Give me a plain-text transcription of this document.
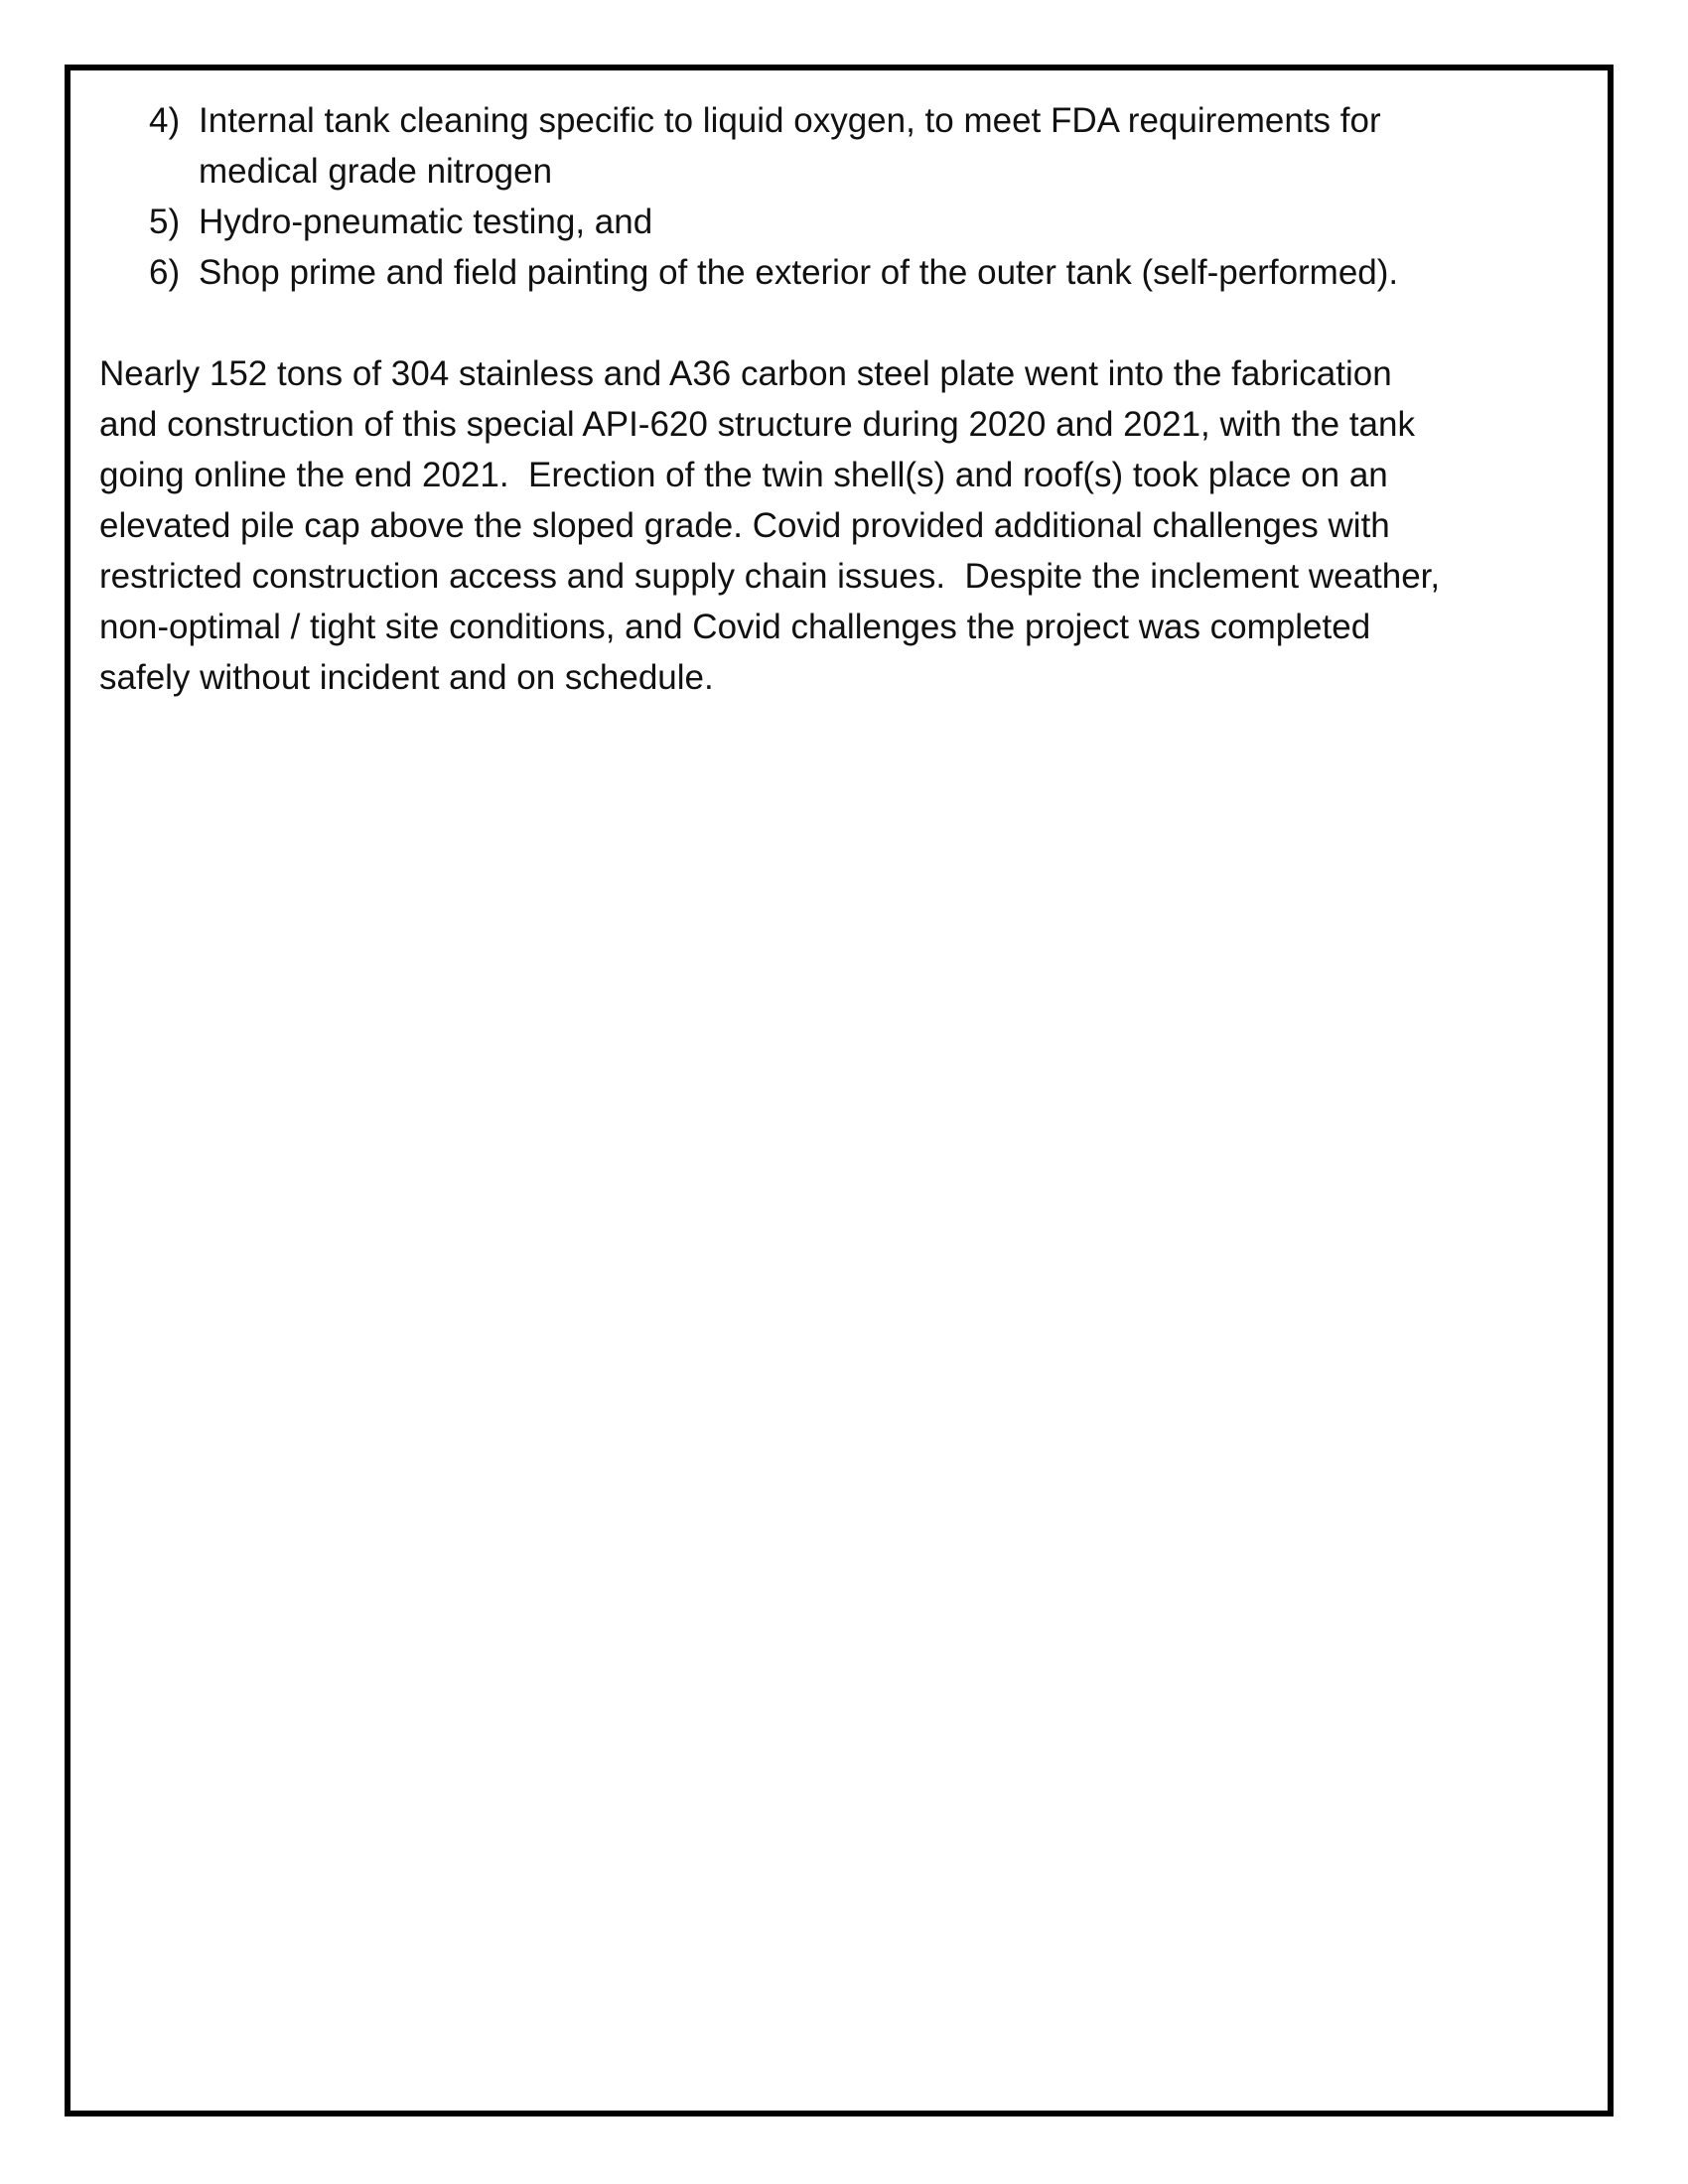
4) Internal tank cleaning specific to liquid oxygen, to meet FDA requirements for
medical grade nitrogen
5) Hydro-pneumatic testing, and
6) Shop prime and field painting of the exterior of the outer tank (self-performed).

Nearly 152 tons of 304 stainless and A36 carbon steel plate went into the fabrication
and construction of this special API-620 structure during 2020 and 2021, with the tank
going online the end 2021.  Erection of the twin shell(s) and roof(s) took place on an
elevated pile cap above the sloped grade. Covid provided additional challenges with
restricted construction access and supply chain issues.  Despite the inclement weather,
non-optimal / tight site conditions, and Covid challenges the project was completed
safely without incident and on schedule.
